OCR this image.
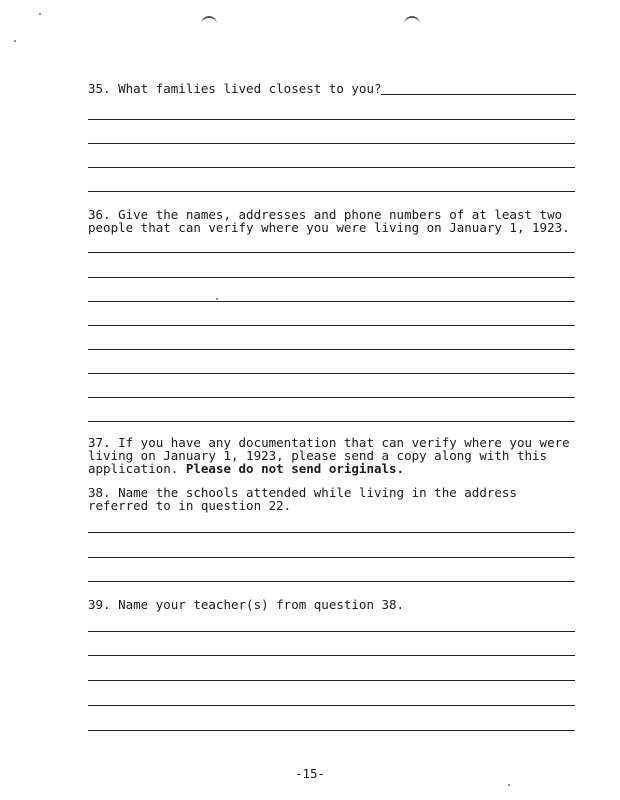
35. What families lived closest to you?
36. Give the names, addresses and phone numbers of at least two
people that can verify where you were living on January 1, 1923.
37. If you have any documentation that can verify where you were
living on January 1, 1923, please send a copy along with this
application. Please do not send originals.
38. Name the schools attended while living in the address
referred to in question 22.
39. Name your teacher(s) from question 38.
-15-
